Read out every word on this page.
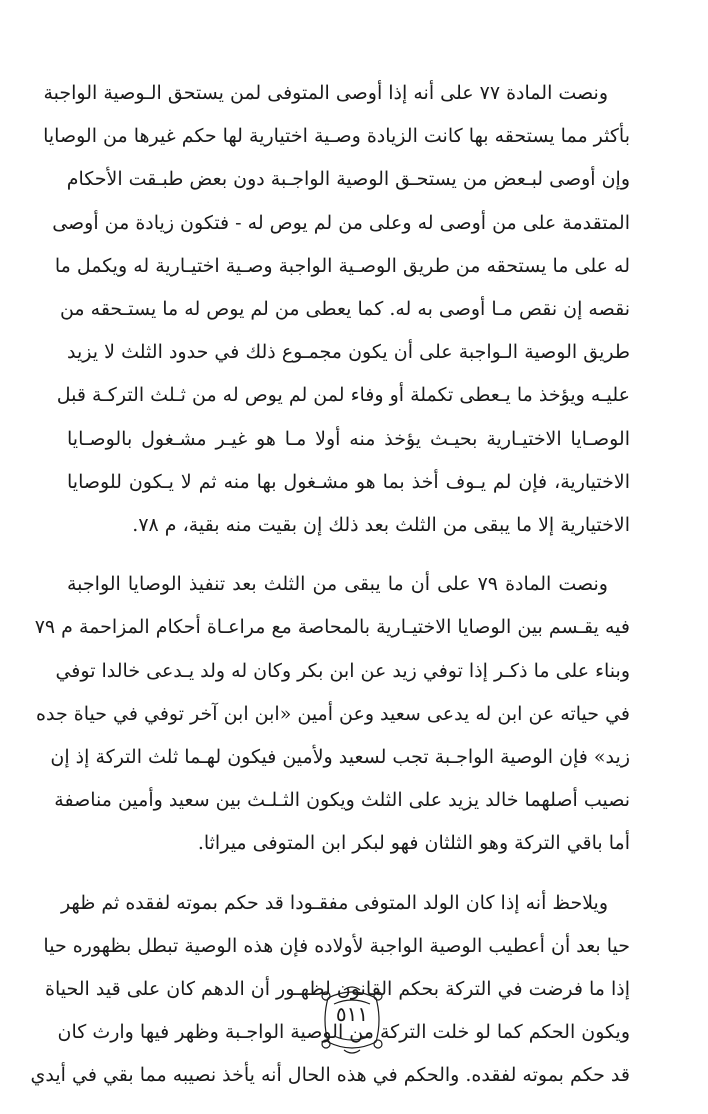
ونصت المادة ٧٧ على أنه إذا أوصى المتوفى لمن يستحق الـوصية الواجبة
بأكثر مما يستحقه بها كانت الزيادة وصـية اختيارية لها حكم غيرها من الوصايا
وإن أوصى لبـعض من يستحـق الوصية الواجـبة دون بعض طبـقت الأحكام
المتقدمة على من أوصى له وعلى من لم يوص له - فتكون زيادة من أوصى
له على ما يستحقه من طريق الوصـية الواجبة وصـية اختيـارية له ويكمل ما
نقصه إن نقص مـا أوصى به له. كما يعطى من لم يوص له ما يستـحقه من
طريق الوصية الـواجبة على أن يكون مجمـوع ذلك في حدود الثلث لا يزيد
عليـه ويؤخذ ما يـعطى تكملة أو وفاء لمن لم يوص له من ثـلث التركـة قبل
الوصـايا الاختيـارية بحيـث يؤخذ منه أولا مـا هو غيـر مشـغول بالوصـايا
الاختيارية، فإن لم يـوف أخذ بما هو مشـغول بها منه ثم لا يـكون للوصايا
الاختيارية إلا ما يبقى من الثلث بعد ذلك إن بقيت منه بقية، م ٧٨.

ونصت المادة ٧٩ على أن ما يبقى من الثلث بعد تنفيذ الوصايا الواجبة
فيه يقـسم بين الوصايا الاختيـارية بالمحاصة مع مراعـاة أحكام المزاحمة م ٧٩
وبناء على ما ذكـر إذا توفي زيد عن ابن بكر وكان له ولد يـدعى خالدا توفي
في حياته عن ابن له يدعى سعيد وعن أمين «ابن ابن آخر توفي في حياة جده
زيد» فإن الوصية الواجـبة تجب لسعيد ولأمين فيكون لهـما ثلث التركة إذ إن
نصيب أصلهما خالد يزيد على الثلث ويكون الثـلـث بين سعيد وأمين مناصفة
أما باقي التركة وهو الثلثان فهو لبكر ابن المتوفى ميراثا.

ويلاحظ أنه إذا كان الولد المتوفى مفقـودا قد حكم بموته لفقده ثم ظهر
حيا بعد أن أعطيب الوصية الواجبة لأولاده فإن هذه الوصية تبطل بظهوره حيا
إذا ما فرضت في التركة بحكم القانون لظهـور أن الدهم كان على قيد الحياة
ويكون الحكم كما لو خلت التركة من الوصية الواجـبة وظهر فيها وارث كان
قد حكم بموته لفقده. والحكم في هذه الحال أنه يأخذ نصيبه مما بقي في أيدي

٥١١
